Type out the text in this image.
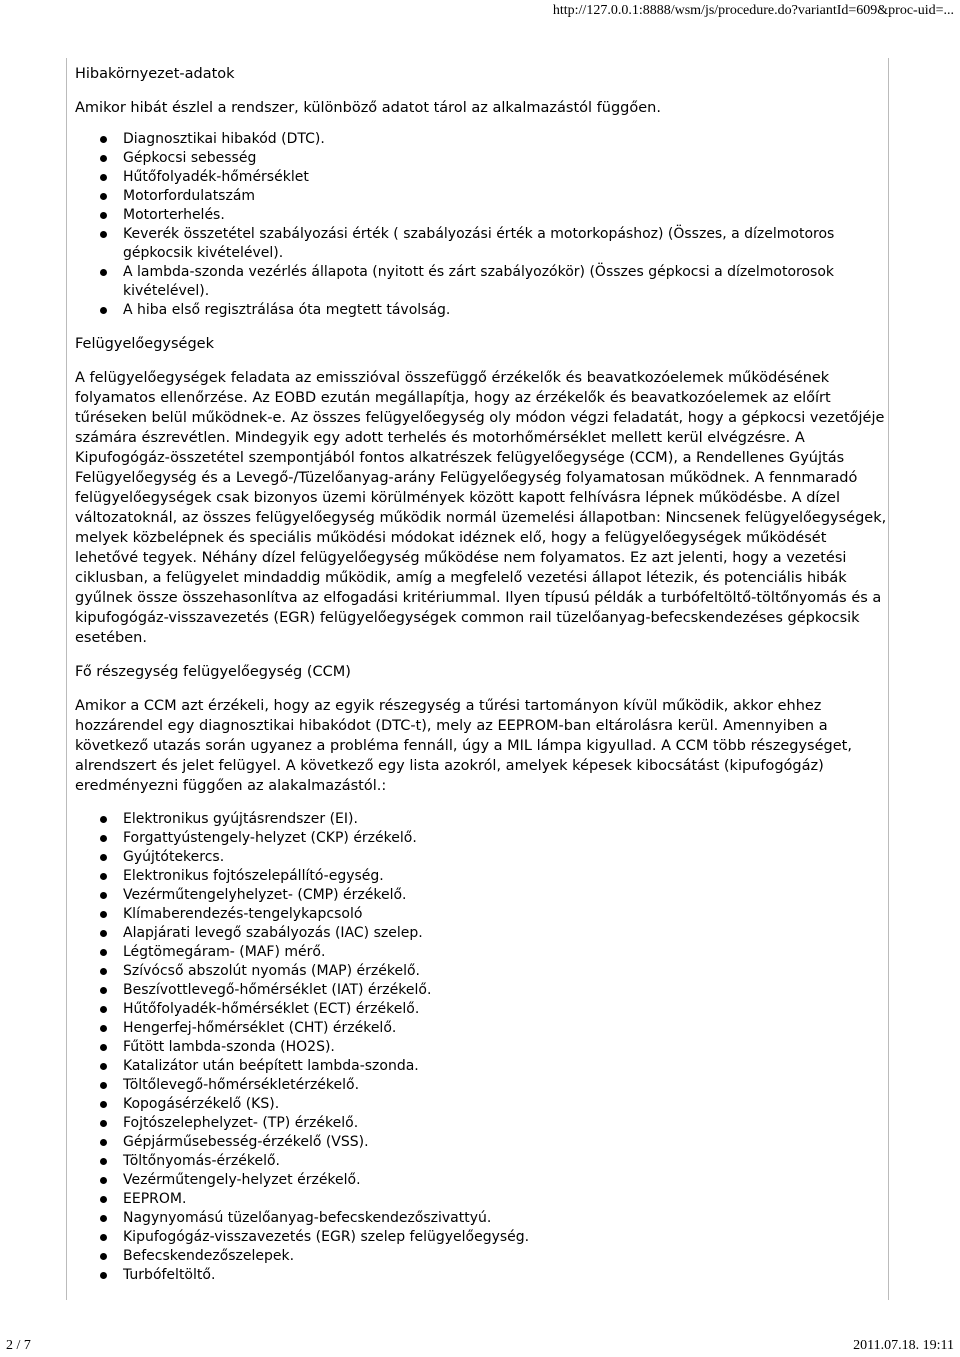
http://127.0.0.1:8888/wsm/js/procedure.do?variantId=609&proc-uid=...
Hibakörnyezet-adatok

Amikor hibát észlel a rendszer, különböző adatot tárol az alkalmazástól függően.

Diagnosztikai hibakód (DTC).
Gépkocsi sebesség
Hűtőfolyadék-hőmérséklet
Motorfordulatszám
Motorterhelés.
Keverék összetétel szabályozási érték ( szabályozási érték a motorkopáshoz) (Összes, a dízelmotoros gépkocsik kivételével).
A lambda-szonda vezérlés állapota (nyitott és zárt szabályozókör) (Összes gépkocsi a dízelmotorosok kivételével).
A hiba első regisztrálása óta megtett távolság.
Felügyelőegységek

A felügyelőegységek feladata az emisszióval összefüggő érzékelők és beavatkozóelemek működésének folyamatos ellenőrzése. Az EOBD ezután megállapítja, hogy az érzékelők és beavatkozóelemek az előírt tűréseken belül működnek-e. Az összes felügyelőegység oly módon végzi feladatát, hogy a gépkocsi vezetőjéje számára észrevétlen. Mindegyik egy adott terhelés és motorhőmérséklet mellett kerül elvégzésre. A Kipufogógáz-összetétel szempontjából fontos alkatrészek felügyelőegysége (CCM), a Rendellenes Gyújtás Felügyelőegység és a Levegő-/Tüzelőanyag-arány Felügyelőegység folyamatosan működnek. A fennmaradó felügyelőegységek csak bizonyos üzemi körülmények között kapott felhívásra lépnek működésbe. A dízel változatoknál, az összes felügyelőegység működik normál üzemelési állapotban: Nincsenek felügyelőegységek, melyek közbelépnek és speciális működési módokat idéznek elő, hogy a felügyelőegységek működését lehetővé tegyek. Néhány dízel felügyelőegység működése nem folyamatos. Ez azt jelenti, hogy a vezetési ciklusban, a felügyelet mindaddig működik, amíg a megfelelő vezetési állapot létezik, és potenciális hibák gyűlnek össze összehasonlítva az elfogadási kritériummal. Ilyen típusú példák a turbófeltöltő-töltőnyomás és a kipufogógáz-visszavezetés (EGR) felügyelőegységek common rail tüzelőanyag-befecskendezéses gépkocsik esetében.

Fő részegység felügyelőegység (CCM)

Amikor a CCM azt érzékeli, hogy az egyik részegység a tűrési tartományon kívül működik, akkor ehhez hozzárendel egy diagnosztikai hibakódot (DTC-t), mely az EEPROM-ban eltárolásra kerül. Amennyiben a következő utazás során ugyanez a probléma fennáll, úgy a MIL lámpa kigyullad. A CCM több részegységet, alrendszert és jelet felügyel. A következő egy lista azokról, amelyek képesek kibocsátást (kipufogógáz) eredményezni függően az alakalmazástól.:

Elektronikus gyújtásrendszer (EI).
Forgattyústengely-helyzet (CKP) érzékelő.
Gyújtótekercs.
Elektronikus fojtószelepállító-egység.
Vezérműtengelyhelyzet- (CMP) érzékelő.
Klímaberendezés-tengelykapcsoló
Alapjárati levegő szabályozás (IAC) szelep.
Légtömegáram- (MAF) mérő.
Szívócső abszolút nyomás (MAP) érzékelő.
Beszívottlevegő-hőmérséklet (IAT) érzékelő.
Hűtőfolyadék-hőmérséklet (ECT) érzékelő.
Hengerfej-hőmérséklet (CHT) érzékelő.
Fűtött lambda-szonda (HO2S).
Katalizátor után beépített lambda-szonda.
Töltőlevegő-hőmérsékletérzékelő.
Kopogásérzékelő (KS).
Fojtószelephelyzet- (TP) érzékelő.
Gépjárműsebesség-érzékelő (VSS).
Töltőnyomás-érzékelő.
Vezérműtengely-helyzet érzékelő.
EEPROM.
Nagynyomású tüzelőanyag-befecskendezőszivattyú.
Kipufogógáz-visszavezetés (EGR) szelep felügyelőegység.
Befecskendezőszelepek.
Turbófeltöltő.
2 / 7	2011.07.18. 19:11
